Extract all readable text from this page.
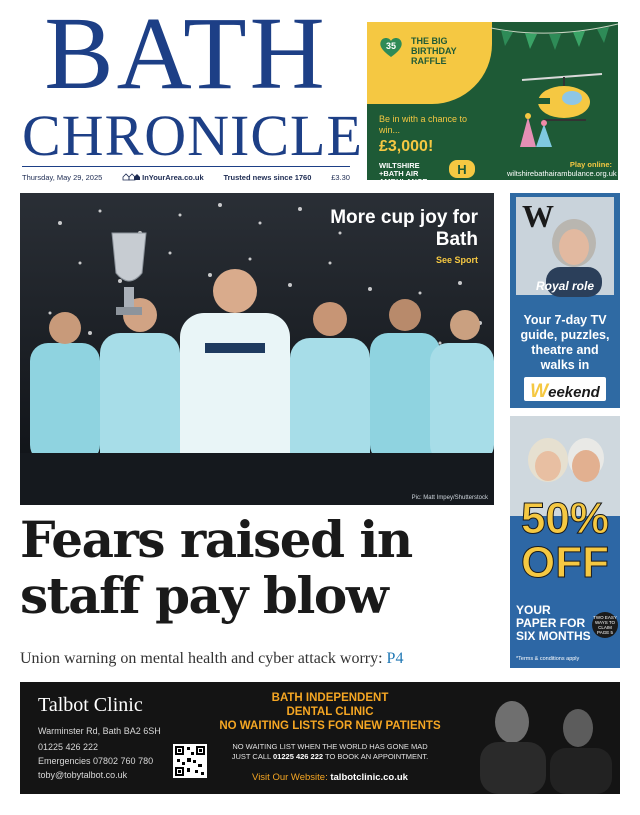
BATH
CHRONICLE
Thursday, May 29, 2025	InYourArea.co.uk	Trusted news since 1760	£3.30
35	THE BIG BIRTHDAY RAFFLE
Be in with a chance to win...
£3,000!
WILTSHIRE
+BATH AIR
AMBULANCE
H	Play online:
wiltshirebathairambulance.org.uk
More cup joy for Bath
See Sport
Pic: Matt Impey/Shutterstock
Fears raised in
staff pay blow
Union warning on mental health and cyber attack worry: P4
W
Royal role
Your 7-day TV guide, puzzles, theatre and walks in
Weekend
50%
OFF
YOUR PAPER FOR SIX MONTHS
TWO EASY WAYS TO CLAIM PAGE 5
*Terms & conditions apply
Talbot Clinic
Warminster Rd, Bath BA2 6SH
01225 426 222
Emergencies 07802 760 780
toby@tobytalbot.co.uk
BATH INDEPENDENT
DENTAL CLINIC
NO WAITING LISTS FOR NEW PATIENTS
NO WAITING LIST WHEN THE WORLD HAS GONE MAD
JUST CALL 01225 426 222 TO BOOK AN APPOINTMENT.
Visit Our Website: talbotclinic.co.uk
